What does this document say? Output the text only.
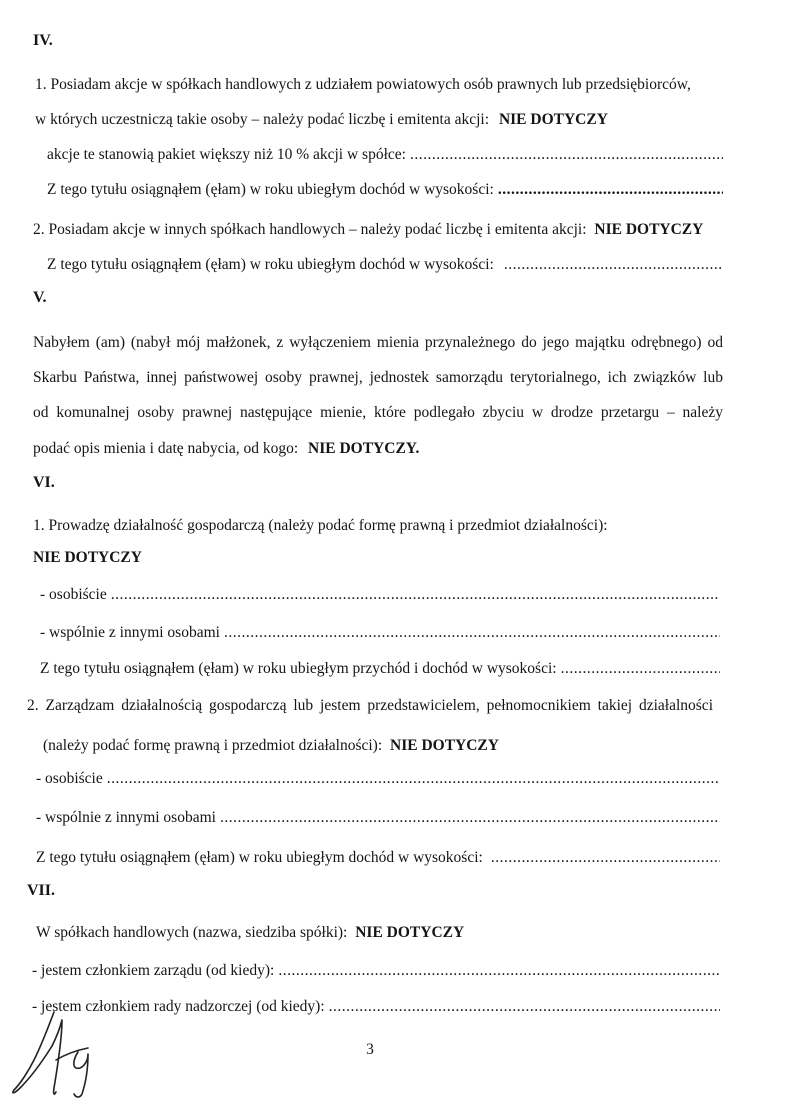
IV.
1. Posiadam akcje w spółkach handlowych z udziałem powiatowych osób prawnych lub przedsiębiorców,
w których uczestniczą takie osoby – należy podać liczbę i emitenta akcji: NIE DOTYCZY
akcje te stanowią pakiet większy niż 10 % akcji w spółce:
.....
Z tego tytułu osiągnąłem (ęłam) w roku ubiegłym dochód w wysokości:
.....
2. Posiadam akcje w innych spółkach handlowych – należy podać liczbę i emitenta akcji: NIE DOTYCZY
Z tego tytułu osiągnąłem (ęłam) w roku ubiegłym dochód w wysokości:
.....
V.
Nabyłem (am) (nabył mój małżonek, z wyłączeniem mienia przynależnego do jego majątku odrębnego) od
Skarbu Państwa, innej państwowej osoby prawnej, jednostek samorządu terytorialnego, ich związków lub
od komunalnej osoby prawnej następujące mienie, które podlegało zbyciu w drodze przetargu – należy
podać opis mienia i datę nabycia, od kogo: NIE DOTYCZY.
VI.
1. Prowadzę działalność gospodarczą (należy podać formę prawną i przedmiot działalności):
NIE DOTYCZY
- osobiście
.....
- wspólnie z innymi osobami
.....
Z tego tytułu osiągnąłem (ęłam) w roku ubiegłym przychód i dochód w wysokości:
.....
2. Zarządzam działalnością gospodarczą lub jestem przedstawicielem, pełnomocnikiem takiej działalności
(należy podać formę prawną i przedmiot działalności): NIE DOTYCZY
- osobiście
.....
- wspólnie z innymi osobami
.....
Z tego tytułu osiągnąłem (ęłam) w roku ubiegłym dochód w wysokości:
.....
VII.
W spółkach handlowych (nazwa, siedziba spółki): NIE DOTYCZY
- jestem członkiem zarządu (od kiedy):
.....
- jestem członkiem rady nadzorczej (od kiedy):
.....
3
